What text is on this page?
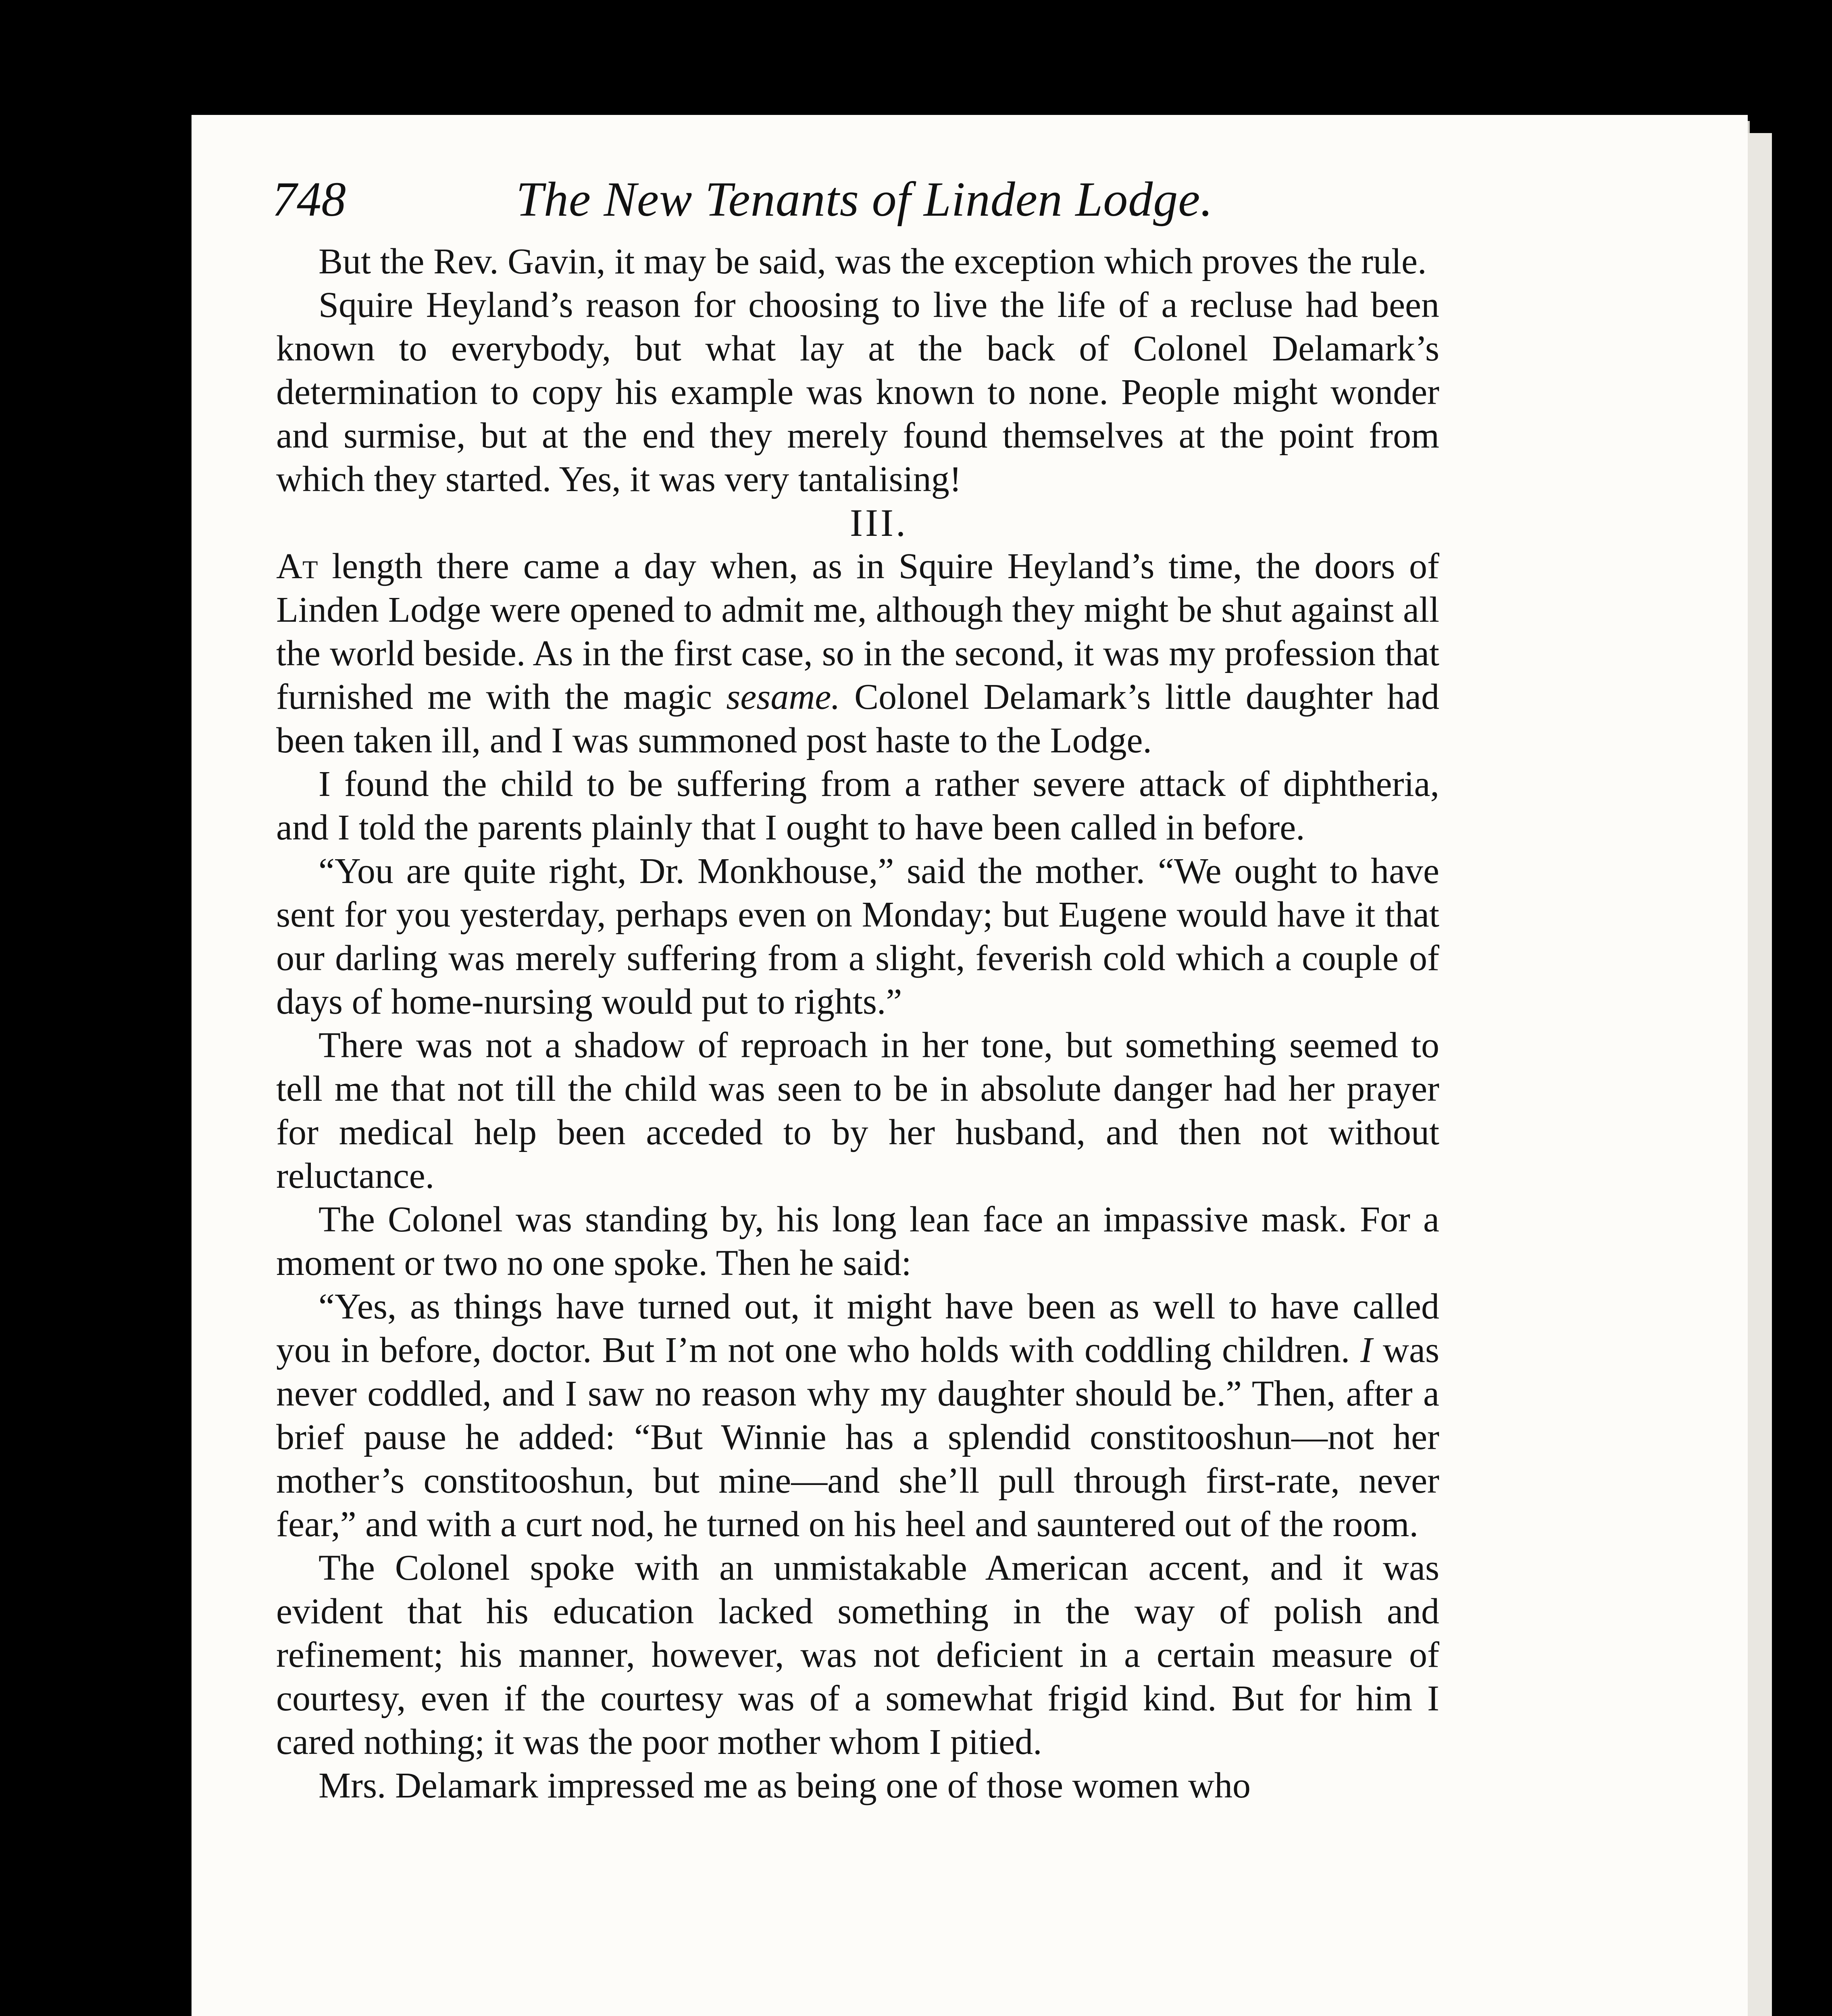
748	The New Tenants of Linden Lodge.

But the Rev. Gavin, it may be said, was the exception which proves the rule.

Squire Heyland’s reason for choosing to live the life of a recluse had been known to everybody, but what lay at the back of Colonel Delamark’s determination to copy his example was known to none. People might wonder and surmise, but at the end they merely found themselves at the point from which they started. Yes, it was very tantalising!

III.

At length there came a day when, as in Squire Heyland’s time, the doors of Linden Lodge were opened to admit me, although they might be shut against all the world beside. As in the first case, so in the second, it was my profession that furnished me with the magic sesame. Colonel Delamark’s little daughter had been taken ill, and I was summoned post haste to the Lodge.

I found the child to be suffering from a rather severe attack of diphtheria, and I told the parents plainly that I ought to have been called in before.

“You are quite right, Dr. Monkhouse,” said the mother. “We ought to have sent for you yesterday, perhaps even on Monday; but Eugene would have it that our darling was merely suffering from a slight, feverish cold which a couple of days of home-nursing would put to rights.”

There was not a shadow of reproach in her tone, but something seemed to tell me that not till the child was seen to be in absolute danger had her prayer for medical help been acceded to by her husband, and then not without reluctance.

The Colonel was standing by, his long lean face an impassive mask. For a moment or two no one spoke. Then he said:

“Yes, as things have turned out, it might have been as well to have called you in before, doctor. But I’m not one who holds with coddling children. I was never coddled, and I saw no reason why my daughter should be.” Then, after a brief pause he added: “But Winnie has a splendid constitooshun—not her mother’s constitooshun, but mine—and she’ll pull through first-rate, never fear,” and with a curt nod, he turned on his heel and sauntered out of the room.

The Colonel spoke with an unmistakable American accent, and it was evident that his education lacked something in the way of polish and refinement; his manner, however, was not deficient in a certain measure of courtesy, even if the courtesy was of a somewhat frigid kind. But for him I cared nothing; it was the poor mother whom I pitied.

Mrs. Delamark impressed me as being one of those women who
